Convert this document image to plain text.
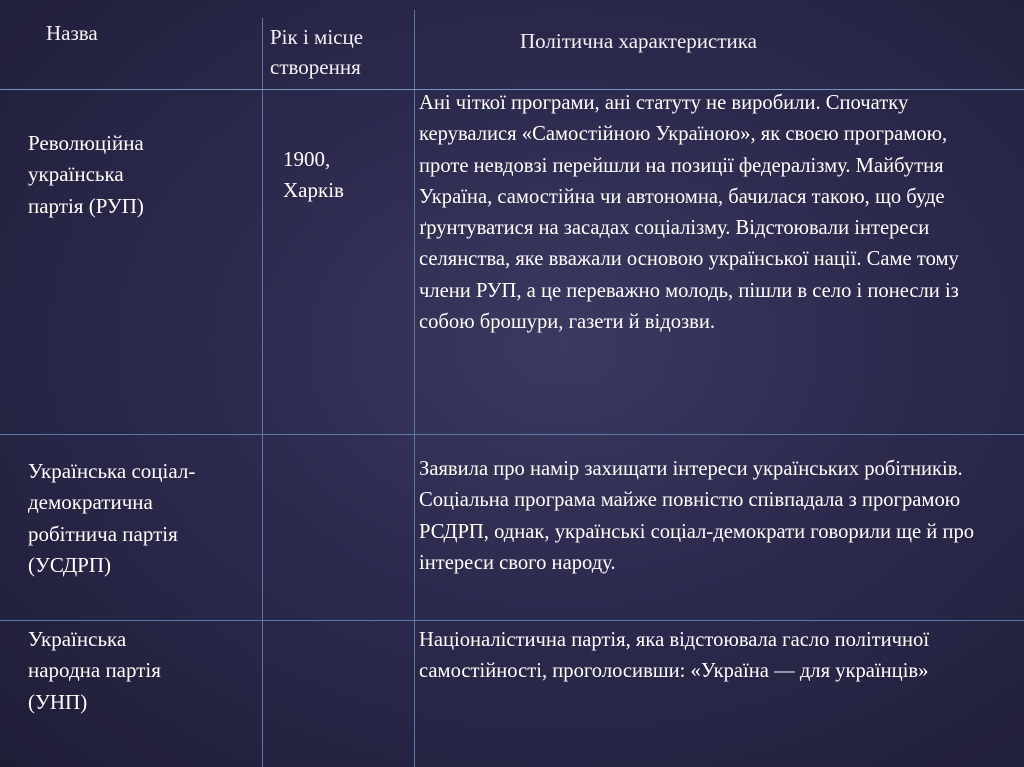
Назва	Рік і місце
створення
Політична характеристика
Революційна
українська
партія (РУП)
1900,
Харків
Ані чіткої програми, ані статуту не виробили. Спочатку керувалися «Самостійною Україною», як своєю програмою, проте невдовзі перейшли на позиції федералізму. Майбутня Україна, самостійна чи автономна, бачилася такою, що буде ґрунтуватися на засадах соціалізму. Відстоювали інтереси селянства, яке вважали основою української нації. Саме тому члени РУП, а це переважно молодь, пішли в село і понесли із собою брошури, газети й відозви.
Українська соціал-
демократична
робітнича партія
(УСДРП)
Заявила про намір захищати інтереси українських робітників. Соціальна програма майже повністю співпадала з програмою РСДРП, однак, українські соціал-демократи говорили ще й про інтереси свого народу.
Українська
народна партія
(УНП)
Націоналістична партія, яка відстоювала гасло політичної самостійності, проголосивши: «Україна — для українців»
